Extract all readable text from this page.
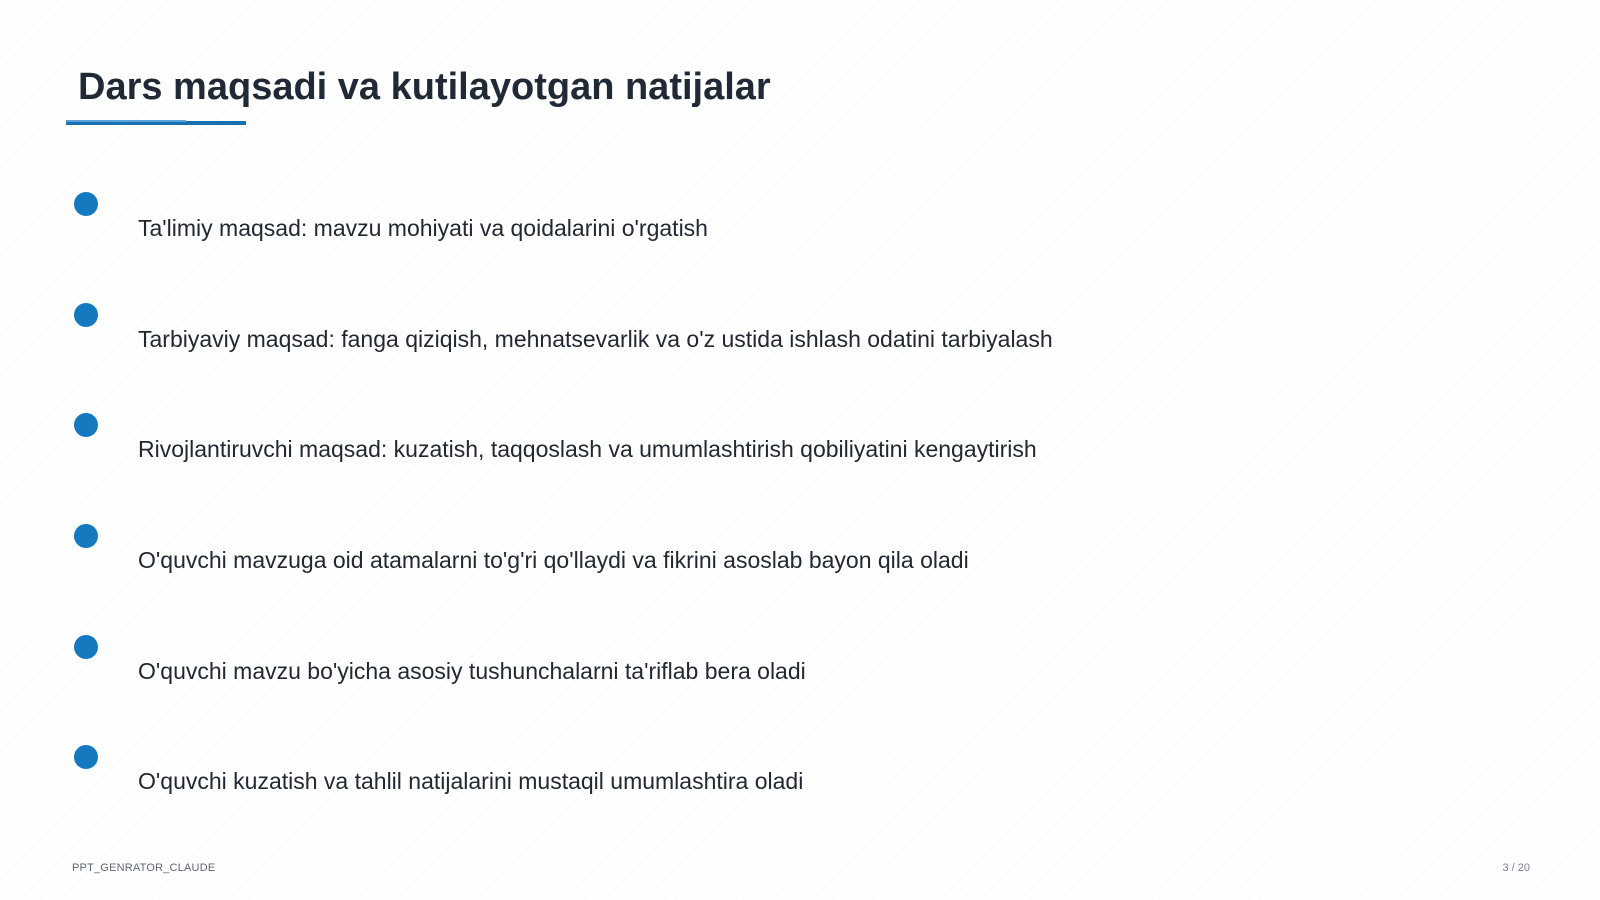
Dars maqsadi va kutilayotgan natijalar
Ta'limiy maqsad: mavzu mohiyati va qoidalarini o'rgatish
Tarbiyaviy maqsad: fanga qiziqish, mehnatsevarlik va o'z ustida ishlash odatini tarbiyalash
Rivojlantiruvchi maqsad: kuzatish, taqqoslash va umumlashtirish qobiliyatini kengaytirish
O'quvchi mavzuga oid atamalarni to'g'ri qo'llaydi va fikrini asoslab bayon qila oladi
O'quvchi mavzu bo'yicha asosiy tushunchalarni ta'riflab bera oladi
O'quvchi kuzatish va tahlil natijalarini mustaqil umumlashtira oladi
PPT_GENRATOR_CLAUDE	3 / 20
